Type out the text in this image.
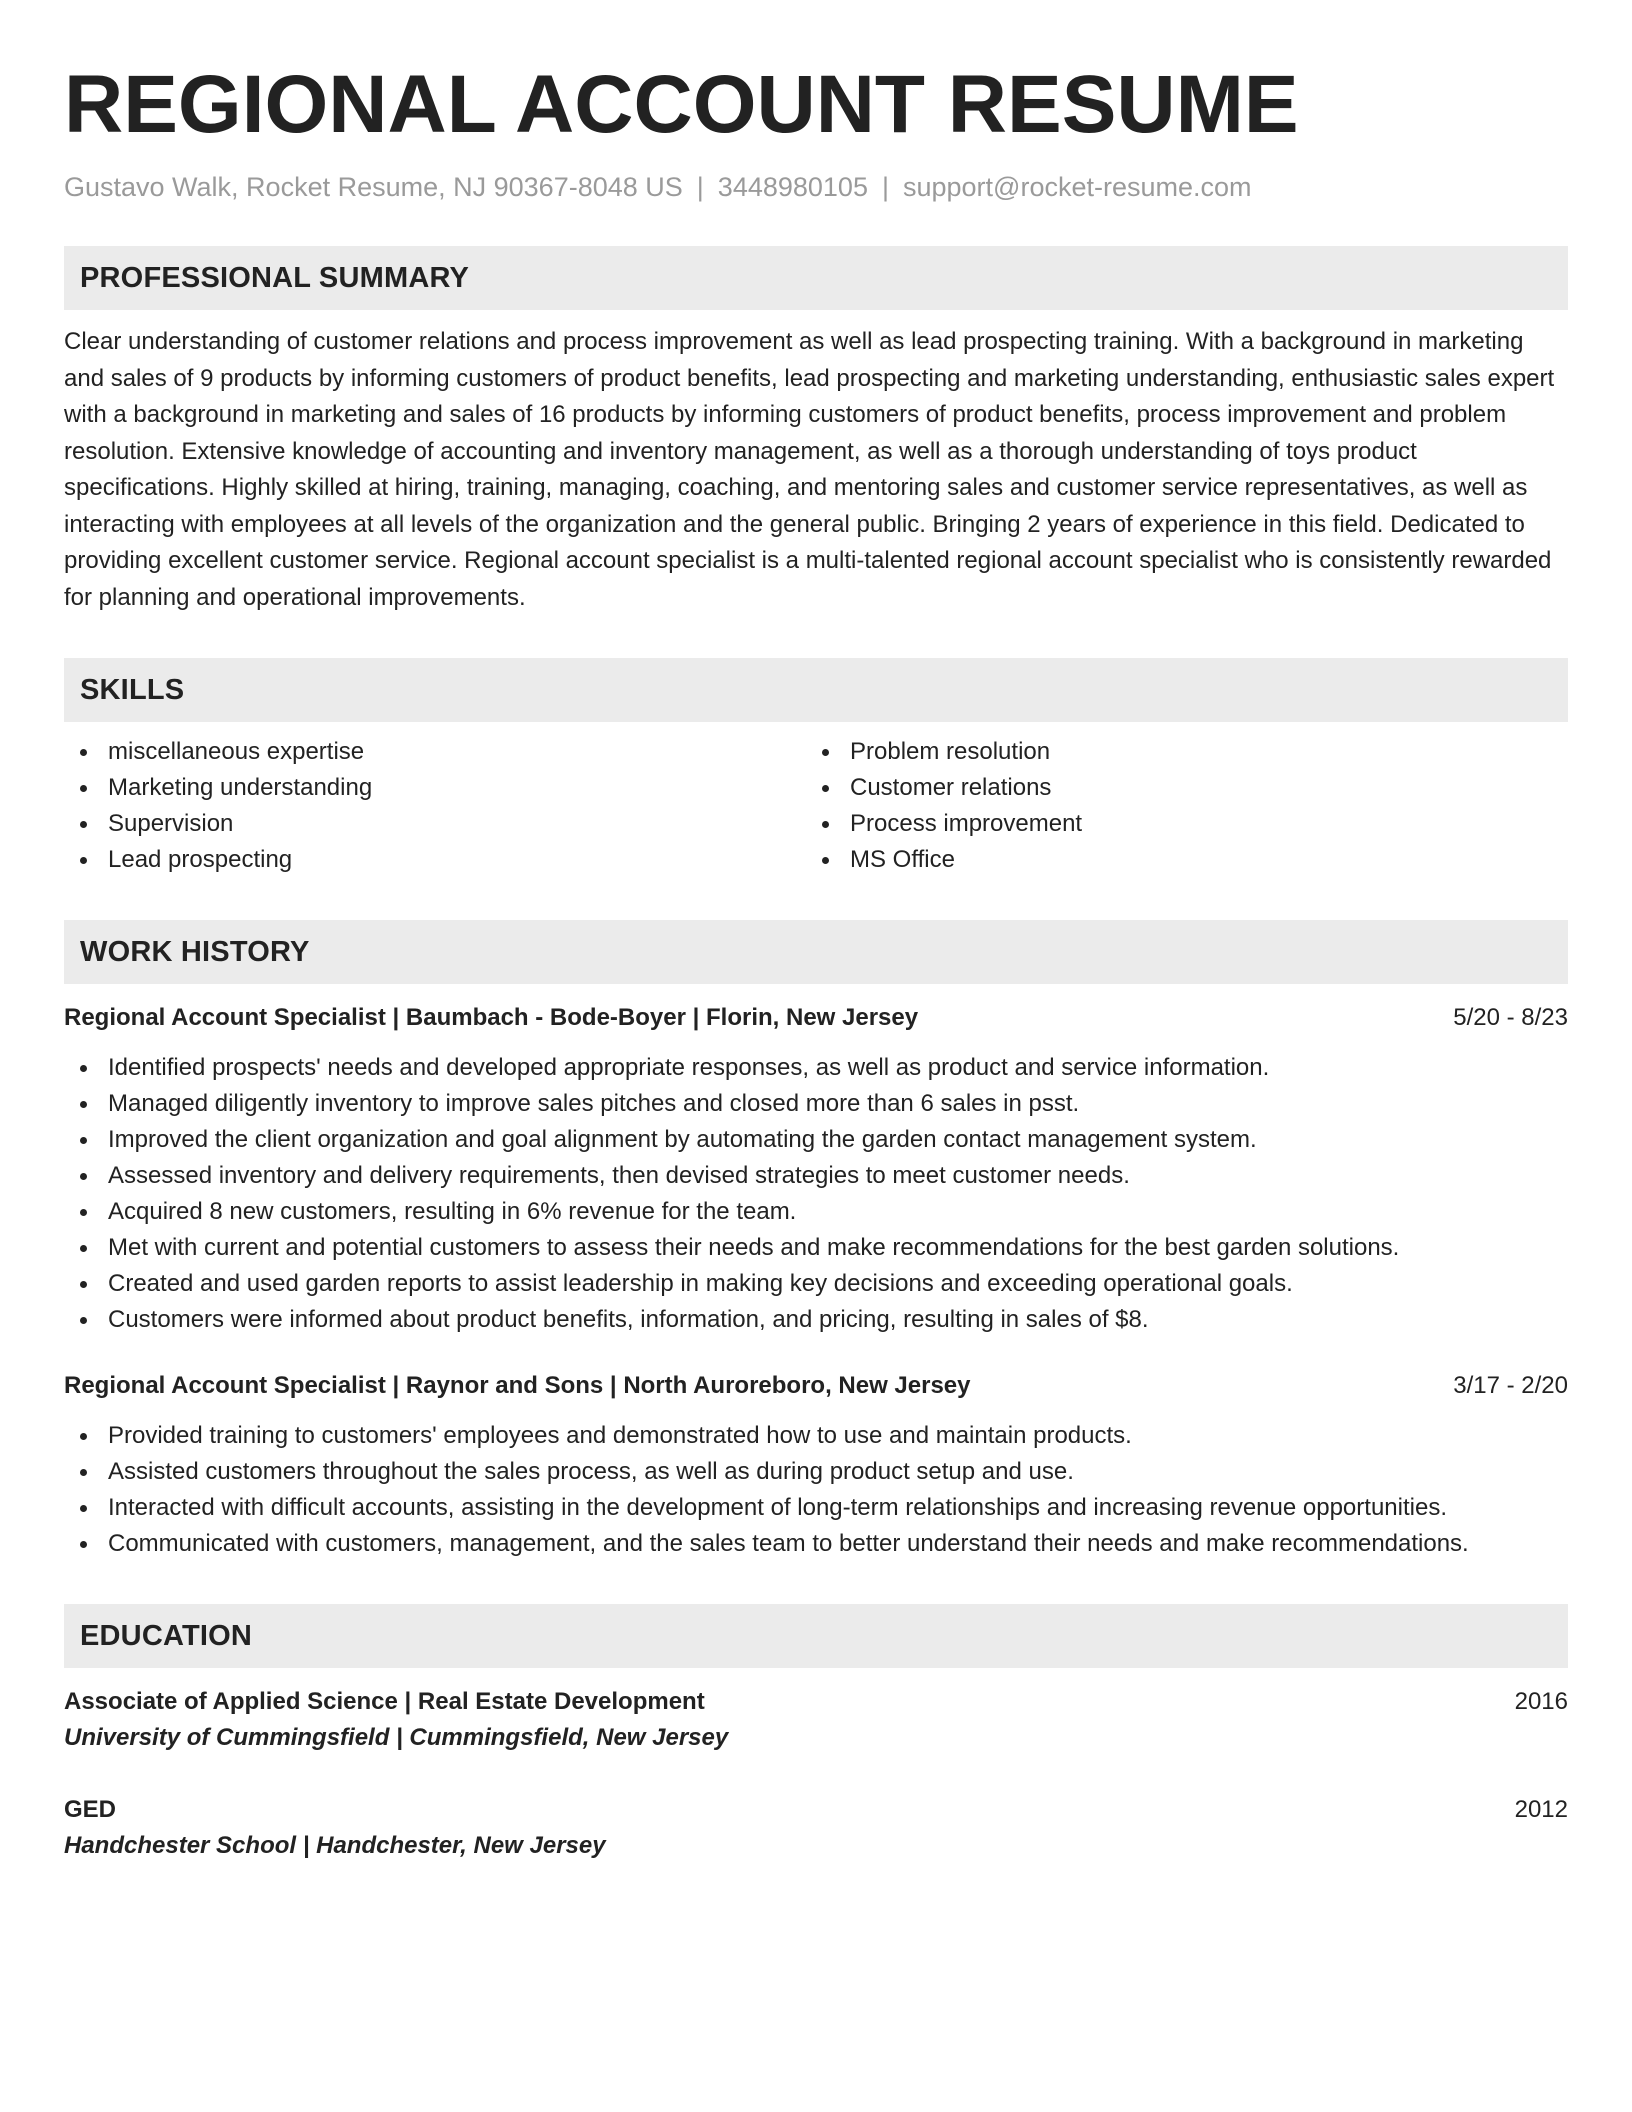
REGIONAL ACCOUNT RESUME
Gustavo Walk, Rocket Resume, NJ 90367-8048 US | 3448980105 | support@rocket-resume.com
PROFESSIONAL SUMMARY
Clear understanding of customer relations and process improvement as well as lead prospecting training. With a background in marketing and sales of 9 products by informing customers of product benefits, lead prospecting and marketing understanding, enthusiastic sales expert with a background in marketing and sales of 16 products by informing customers of product benefits, process improvement and problem resolution. Extensive knowledge of accounting and inventory management, as well as a thorough understanding of toys product specifications. Highly skilled at hiring, training, managing, coaching, and mentoring sales and customer service representatives, as well as interacting with employees at all levels of the organization and the general public. Bringing 2 years of experience in this field. Dedicated to providing excellent customer service. Regional account specialist is a multi-talented regional account specialist who is consistently rewarded for planning and operational improvements.
SKILLS
miscellaneous expertise
Marketing understanding
Supervision
Lead prospecting
Problem resolution
Customer relations
Process improvement
MS Office
WORK HISTORY
Regional Account Specialist | Baumbach - Bode-Boyer | Florin, New Jersey	5/20 - 8/23
Identified prospects' needs and developed appropriate responses, as well as product and service information.
Managed diligently inventory to improve sales pitches and closed more than 6 sales in psst.
Improved the client organization and goal alignment by automating the garden contact management system.
Assessed inventory and delivery requirements, then devised strategies to meet customer needs.
Acquired 8 new customers, resulting in 6% revenue for the team.
Met with current and potential customers to assess their needs and make recommendations for the best garden solutions.
Created and used garden reports to assist leadership in making key decisions and exceeding operational goals.
Customers were informed about product benefits, information, and pricing, resulting in sales of $8.
Regional Account Specialist | Raynor and Sons | North Auroreboro, New Jersey	3/17 - 2/20
Provided training to customers' employees and demonstrated how to use and maintain products.
Assisted customers throughout the sales process, as well as during product setup and use.
Interacted with difficult accounts, assisting in the development of long-term relationships and increasing revenue opportunities.
Communicated with customers, management, and the sales team to better understand their needs and make recommendations.
EDUCATION
Associate of Applied Science | Real Estate Development	2016
University of Cummingsfield | Cummingsfield, New Jersey
GED	2012
Handchester School | Handchester, New Jersey
